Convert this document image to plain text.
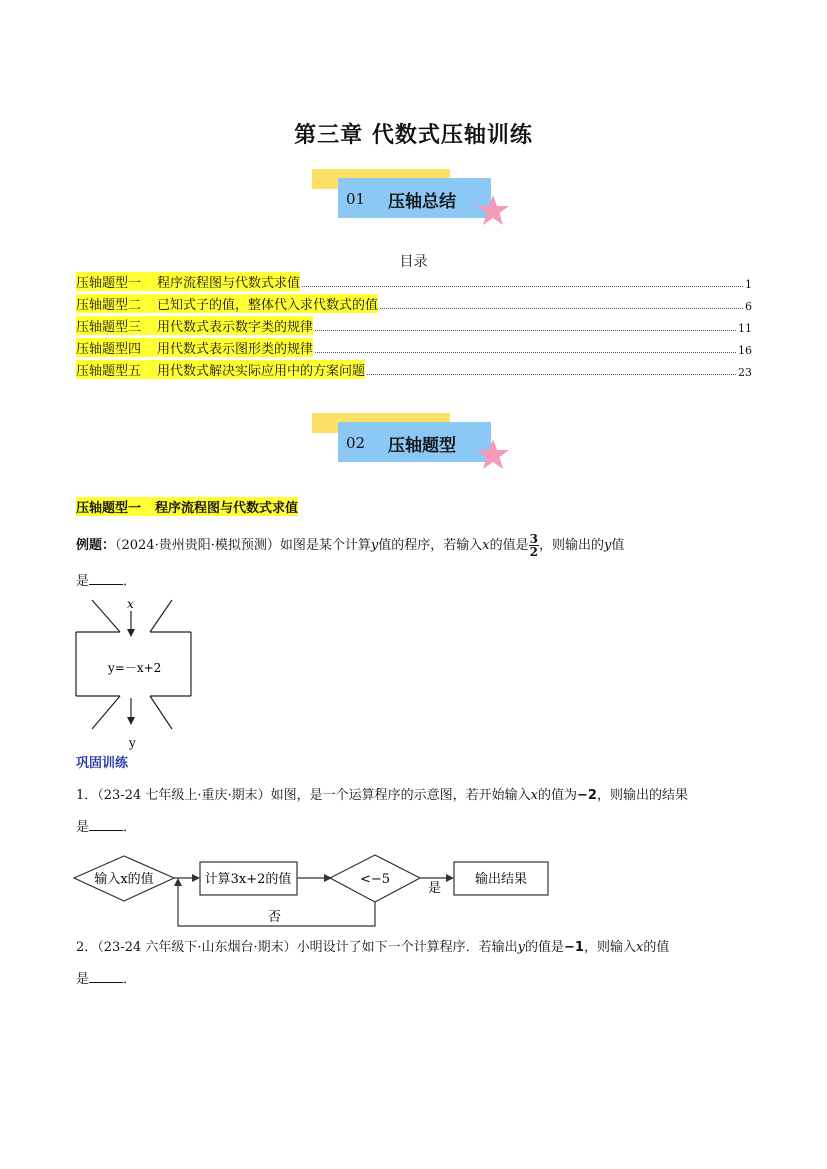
第三章 代数式压轴训练
01 压轴总结
目录
压轴题型一 程序流程图与代数式求值	1
压轴题型二 已知式子的值，整体代入求代数式的值	6
压轴题型三 用代数式表示数字类的规律	11
压轴题型四 用代数式表示图形类的规律	16
压轴题型五 用代数式解决实际应用中的方案问题	23
02 压轴题型
压轴题型一 程序流程图与代数式求值
例题：（2024·贵州贵阳·模拟预测）如图是某个计算y值的程序，若输入x的值是 $\frac{3}{2}$ ，则输出的y值
是	．
x
y=－x+2
y
巩固训练
1．（23-24 七年级上·重庆·期末）如图，是一个运算程序的示意图，若开始输入x的值为−2，则输出的结果
是	．
输入x的值	计算3x+2的值	<−5
是
输出结果
否
2．（23-24 六年级下·山东烟台·期末）小明设计了如下一个计算程序．若输出y的值是−1，则输入x的值
是	．
